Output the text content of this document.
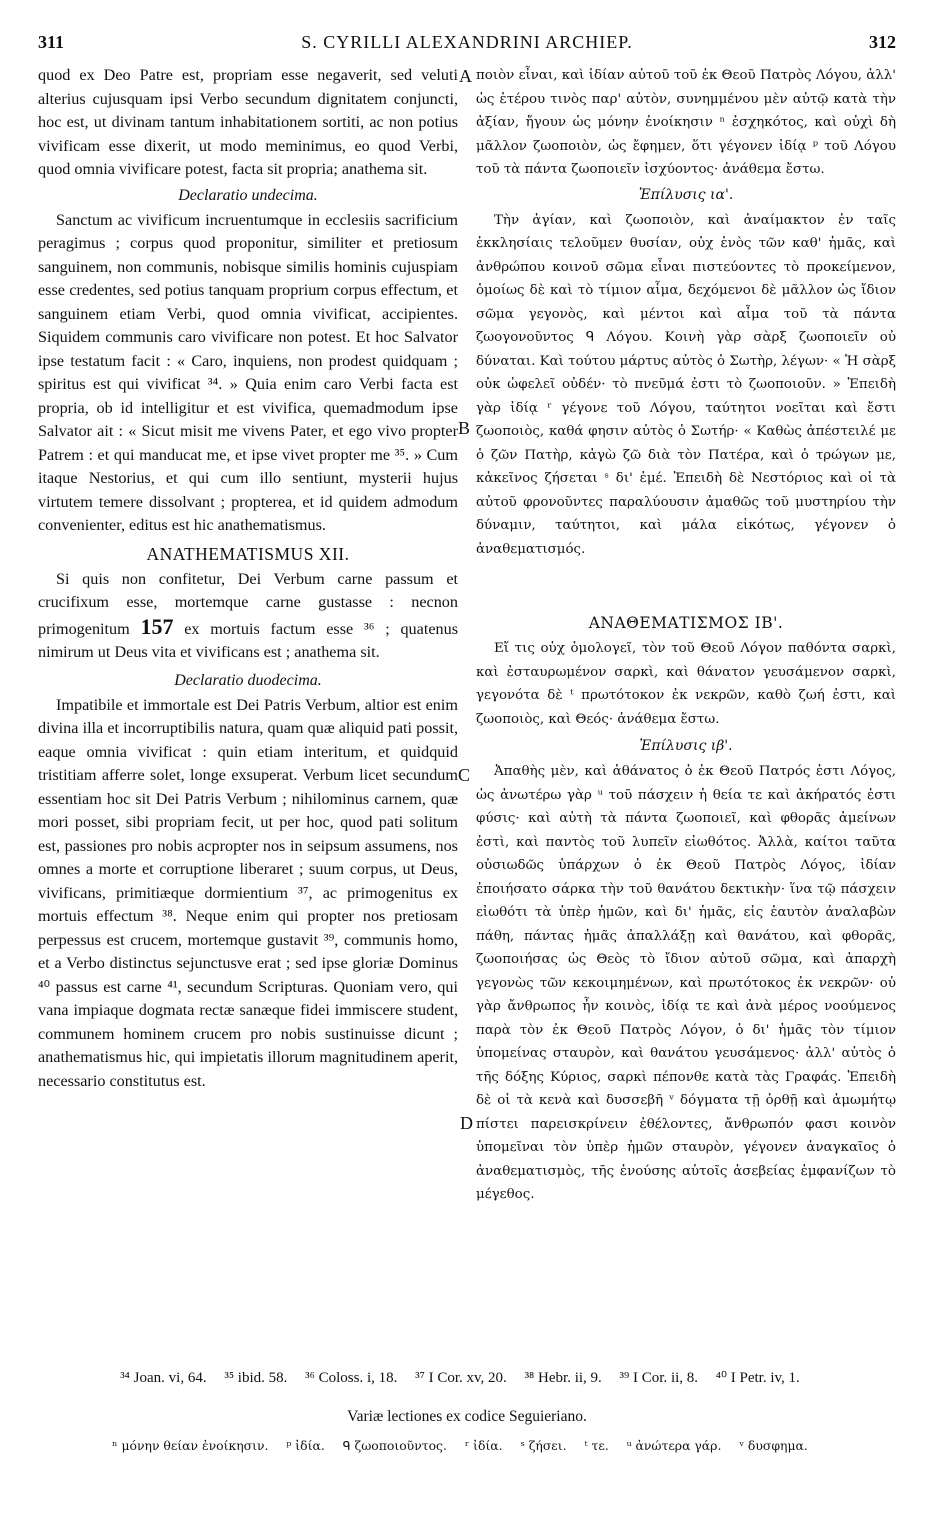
311	S. CYRILLI ALEXANDRINI ARCHIEP.	312

quod ex Deo Patre est, propriam esse negaverit, sed veluti alterius cujusquam ipsi Verbo secundum dignitatem conjuncti, hoc est, ut divinam tantum inhabitationem sortiti, ac non potius vivificam esse dixerit, ut modo meminimus, eo quod Verbi, quod omnia vivificare potest, facta sit propria; anathema sit.

Declaratio undecima.

Sanctum ac vivificum incruentumque in ecclesiis sacrificium peragimus ; corpus quod proponitur, similiter et pretiosum sanguinem, non communis, nobisque similis hominis cujuspiam esse credentes, sed potius tanquam proprium corpus effectum, et sanguinem etiam Verbi, quod omnia vivificat, accipientes. Siquidem communis caro vivificare non potest. Et hoc Salvator ipse testatum facit : « Caro, inquiens, non prodest quidquam ; spiritus est qui vivificat ³⁴. » Quia enim caro Verbi facta est propria, ob id intelligitur et est vivifica, quemadmodum ipse Salvator ait : « Sicut misit me vivens Pater, et ego vivo propter Patrem : et qui manducat me, et ipse vivet propter me ³⁵. » Cum itaque Nestorius, et qui cum illo sentiunt, mysterii hujus virtutem temere dissolvant ; propterea, et id quidem admodum convenienter, editus est hic anathematismus.

ANATHEMATISMUS XII.

Si quis non confitetur, Dei Verbum carne passum et crucifixum esse, mortemque carne gustasse : necnon primogenitum 157 ex mortuis factum esse ³⁶ ; quatenus nimirum ut Deus vita et vivificans est ; anathema sit.

Declaratio duodecima.

Impatibile et immortale est Dei Patris Verbum, altior est enim divina illa et incorruptibilis natura, quam quæ aliquid pati possit, eaque omnia vivificat : quin etiam interitum, et quidquid tristitiam afferre solet, longe exsuperat. Verbum licet secundum essentiam hoc sit Dei Patris Verbum ; nihilominus carnem, quæ mori posset, sibi propriam fecit, ut per hoc, quod pati solitum est, passiones pro nobis acpropter nos in seipsum assumens, nos omnes a morte et corruptione liberaret ; suum corpus, ut Deus, vivificans, primitiæque dormientium ³⁷, ac primogenitus ex mortuis effectum ³⁸. Neque enim qui propter nos pretiosam perpessus est crucem, mortemque gustavit ³⁹, communis homo, et a Verbo distinctus sejunctusve erat ; sed ipse gloriæ Dominus ⁴⁰ passus est carne ⁴¹, secundum Scripturas. Quoniam vero, qui vana impiaque dogmata rectæ sanæque fidei immiscere student, communem hominem crucem pro nobis sustinuisse dicunt ; anathematismus hic, qui impietatis illorum magnitudinem aperit, necessario constitutus est.

A
B
C
D

ποιὸν εἶναι, καὶ ἰδίαν αὐτοῦ τοῦ ἐκ Θεοῦ Πατρὸς Λόγου, ἀλλ' ὡς ἑτέρου τινὸς παρ' αὐτὸν, συνημμένου μὲν αὐτῷ κατὰ τὴν ἀξίαν, ἤγουν ὡς μόνην ἐνοίκησιν ⁿ ἐσχηκότος, καὶ οὐχὶ δὴ μᾶλλον ζωοποιὸν, ὡς ἔφημεν, ὅτι γέγονεν ἰδίᾳ ᵖ τοῦ Λόγου τοῦ τὰ πάντα ζωοποιεῖν ἰσχύοντος· ἀνάθεμα ἔστω.

Ἐπίλυσις ια'.

Τὴν ἁγίαν, καὶ ζωοποιὸν, καὶ ἀναίμακτον ἐν ταῖς ἐκκλησίαις τελοῦμεν θυσίαν, οὐχ ἑνὸς τῶν καθ' ἡμᾶς, καὶ ἀνθρώπου κοινοῦ σῶμα εἶναι πιστεύοντες τὸ προκείμενον, ὁμοίως δὲ καὶ τὸ τίμιον αἷμα, δεχόμενοι δὲ μᾶλλον ὡς ἴδιον σῶμα γεγονὸς, καὶ μέντοι καὶ αἷμα τοῦ τὰ πάντα ζωογονοῦντος ᑫ Λόγου. Κοινὴ γὰρ σὰρξ ζωοποιεῖν οὐ δύναται. Καὶ τούτου μάρτυς αὐτὸς ὁ Σωτὴρ, λέγων· « Ἡ σὰρξ οὐκ ὠφελεῖ οὐδέν· τὸ πνεῦμά ἐστι τὸ ζωοποιοῦν. » Ἐπειδὴ γὰρ ἰδίᾳ ʳ γέγονε τοῦ Λόγου, ταύτητοι νοεῖται καὶ ἔστι ζωοποιὸς, καθά φησιν αὐτὸς ὁ Σωτήρ· « Καθὼς ἀπέστειλέ με ὁ ζῶν Πατὴρ, κἀγὼ ζῶ διὰ τὸν Πατέρα, καὶ ὁ τρώγων με, κἀκεῖνος ζήσεται ˢ δι' ἐμέ. Ἐπειδὴ δὲ Νεστόριος καὶ οἱ τὰ αὐτοῦ φρονοῦντες παραλύουσιν ἀμαθῶς τοῦ μυστηρίου τὴν δύναμιν, ταύτητοι, καὶ μάλα εἰκότως, γέγονεν ὁ ἀναθεματισμός.

ΑΝΑΘΕΜΑΤΙΣΜΟΣ ΙΒ'.

Εἴ τις οὐχ ὁμολογεῖ, τὸν τοῦ Θεοῦ Λόγον παθόντα σαρκὶ, καὶ ἐσταυρωμένον σαρκὶ, καὶ θάνατον γευσάμενον σαρκὶ, γεγονότα δὲ ᵗ πρωτότοκον ἐκ νεκρῶν, καθὸ ζωή ἐστι, καὶ ζωοποιὸς, καὶ Θεός· ἀνάθεμα ἔστω.

Ἐπίλυσις ιβ'.

Ἀπαθὴς μὲν, καὶ ἀθάνατος ὁ ἐκ Θεοῦ Πατρός ἐστι Λόγος, ὡς ἀνωτέρω γὰρ ᵘ τοῦ πάσχειν ἡ θεία τε καὶ ἀκήρατός ἐστι φύσις· καὶ αὐτὴ τὰ πάντα ζωοποιεῖ, καὶ φθορᾶς ἀμείνων ἐστὶ, καὶ παντὸς τοῦ λυπεῖν εἰωθότος. Ἀλλὰ, καίτοι ταῦτα οὐσιωδῶς ὑπάρχων ὁ ἐκ Θεοῦ Πατρὸς Λόγος, ἰδίαν ἐποιήσατο σάρκα τὴν τοῦ θανάτου δεκτικὴν· ἵνα τῷ πάσχειν εἰωθότι τὰ ὑπὲρ ἡμῶν, καὶ δι' ἡμᾶς, εἰς ἑαυτὸν ἀναλαβὼν πάθη, πάντας ἡμᾶς ἀπαλλάξῃ καὶ θανάτου, καὶ φθορᾶς, ζωοποιήσας ὡς Θεὸς τὸ ἴδιον αὐτοῦ σῶμα, καὶ ἀπαρχὴ γεγονὼς τῶν κεκοιμημένων, καὶ πρωτότοκος ἐκ νεκρῶν· οὐ γὰρ ἄνθρωπος ἦν κοινὸς, ἰδίᾳ τε καὶ ἀνὰ μέρος νοούμενος παρὰ τὸν ἐκ Θεοῦ Πατρὸς Λόγον, ὁ δι' ἡμᾶς τὸν τίμιον ὑπομείνας σταυρὸν, καὶ θανάτου γευσάμενος· ἀλλ' αὐτὸς ὁ τῆς δόξης Κύριος, σαρκὶ πέπονθε κατὰ τὰς Γραφάς. Ἐπειδὴ δὲ οἱ τὰ κενὰ καὶ δυσσεβῆ ᵛ δόγματα τῇ ὀρθῇ καὶ ἀμωμήτῳ πίστει παρεισκρίνειν ἐθέλοντες, ἄνθρωπόν φασι κοινὸν ὑπομεῖναι τὸν ὑπὲρ ἡμῶν σταυρὸν, γέγονεν ἀναγκαῖος ὁ ἀναθεματισμὸς, τῆς ἐνούσης αὐτοῖς ἀσεβείας ἐμφανίζων τὸ μέγεθος.

³⁴ Joan. vi, 64. ³⁵ ibid. 58. ³⁶ Coloss. i, 18. ³⁷ I Cor. xv, 20. ³⁸ Hebr. ii, 9. ³⁹ I Cor. ii, 8. ⁴⁰ I Petr. iv, 1.
Variæ lectiones ex codice Seguieriano.
ⁿ μόνην θείαν ἐνοίκησιν. ᵖ ἰδία. ᑫ ζωοποιοῦντος. ʳ ἰδία. ˢ ζήσει. ᵗ τε. ᵘ ἀνώτερα γάρ. ᵛ δυσφημα.
